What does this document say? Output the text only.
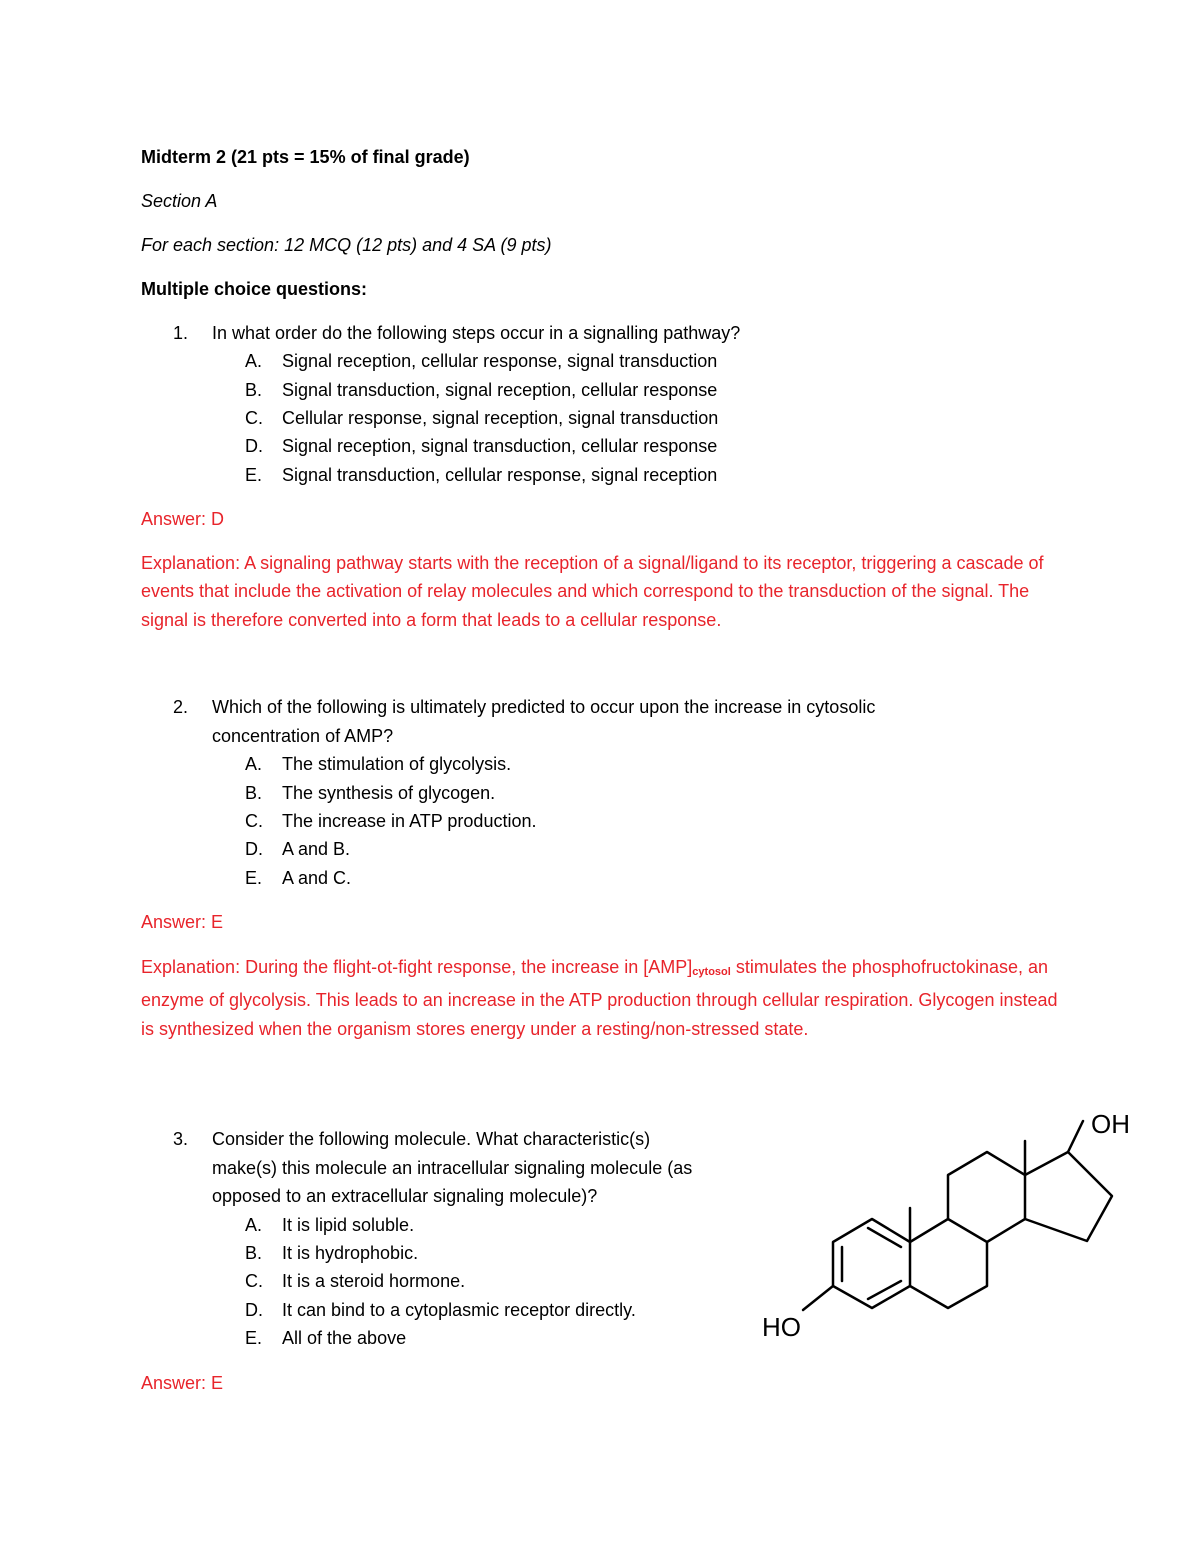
Midterm 2 (21 pts = 15% of final grade)
Section A
For each section: 12 MCQ (12 pts) and 4 SA (9 pts)
Multiple choice questions:
1.	In what order do the following steps occur in a signalling pathway?
A.	Signal reception, cellular response, signal transduction
B.	Signal transduction, signal reception, cellular response
C.	Cellular response, signal reception, signal transduction
D.	Signal reception, signal transduction, cellular response
E.	Signal transduction, cellular response, signal reception
Answer: D
Explanation: A signaling pathway starts with the reception of a signal/ligand to its receptor, triggering a cascade of events that include the activation of relay molecules and which correspond to the transduction of the signal. The signal is therefore converted into a form that leads to a cellular response.
2.	Which of the following is ultimately predicted to occur upon the increase in cytosolic
concentration of AMP?
A.	The stimulation of glycolysis.
B.	The synthesis of glycogen.
C.	The increase in ATP production.
D.	A and B.
E.	A and C.
Answer: E
Explanation: During the flight-ot-fight response, the increase in $[AMP]_{cytosol}$ stimulates the phosphofructokinase, an enzyme of glycolysis. This leads to an increase in the ATP production through cellular respiration. Glycogen instead is synthesized when the organism stores energy under a resting/non-stressed state.
3.	Consider the following molecule. What characteristic(s)
make(s) this molecule an intracellular signaling molecule (as
opposed to an extracellular signaling molecule)?
A.	It is lipid soluble.
B.	It is hydrophobic.
C.	It is a steroid hormone.
D.	It can bind to a cytoplasmic receptor directly.
E.	All of the above
Answer: E
OH
HO
